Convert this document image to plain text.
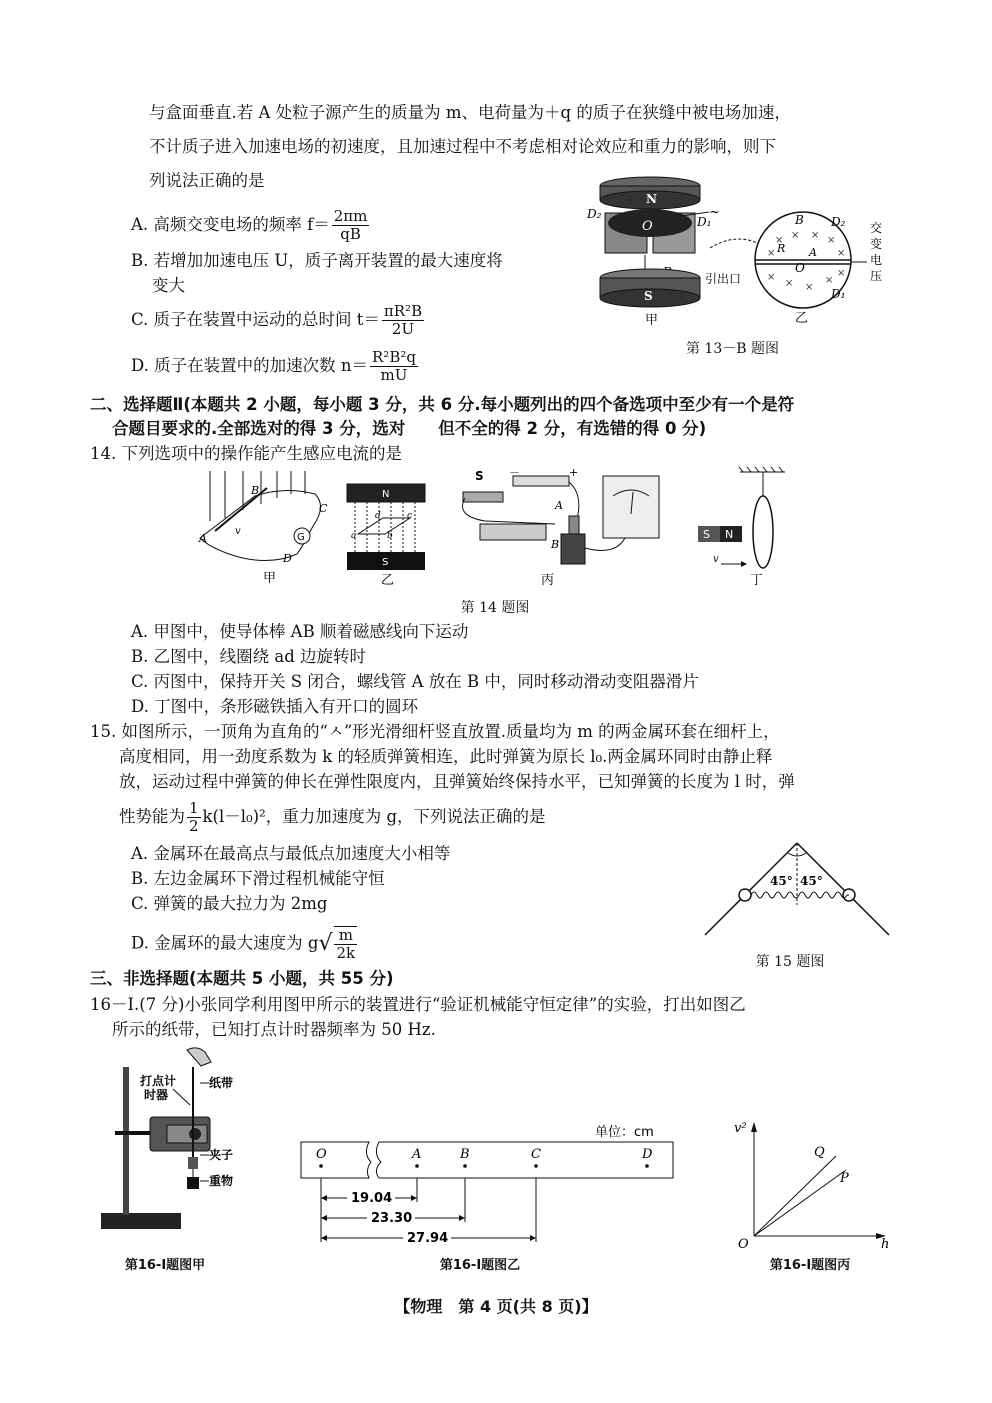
与盒面垂直.若 A 处粒子源产生的质量为 m、电荷量为＋q 的质子在狭缝中被电场加速，
不计质子进入加速电场的初速度，且加速过程中不考虑相对论效应和重力的影响，则下
列说法正确的是
A. 高频交变电场的频率 $f= \frac{2\pi m}{qB}$
B. 若增加加速电压 U，质子离开装置的最大速度将
变大
C. 质子在装置中运动的总时间 $t= \frac{\text{πR²B}}{2U}$
D. 质子在装置中的加速次数 $n= \frac{\text{R²B²q}}{mU}$
N
O
D₂
D₁
~
S
甲
× × × ×
×	×
×
× ×
×
×
B D₂
D₁
R A
O
引出口
乙
交
变
电
压
第 13－B 题图
二、选择题Ⅱ(本题共 2 小题，每小题 3 分，共 6 分.每小题列出的四个备选项中至少有一个是符
合题目要求的.全部选对的得 3 分，选对　　但不全的得 2 分，有选错的得 0 分)
14. 下列选项中的操作能产生感应电流的是
G
B
A
C
D
v
甲
N
d	c
a	b
S
乙
S －	+
A
B
丙
S N
v
丁
第 14 题图
A. 甲图中，使导体棒 AB 顺着磁感线向下运动
B. 乙图中，线圈绕 ad 边旋转时
C. 丙图中，保持开关 S 闭合，螺线管 A 放在 B 中，同时移动滑动变阻器滑片
D. 丁图中，条形磁铁插入有开口的圆环
15. 如图所示，一顶角为直角的“ㅅ”形光滑细杆竖直放置.质量均为 m 的两金属环套在细杆上，
高度相同，用一劲度系数为 k 的轻质弹簧相连，此时弹簧为原长 l₀.两金属环同时由静止释
放，运动过程中弹簧的伸长在弹性限度内，且弹簧始终保持水平，已知弹簧的长度为 l 时，弹
性势能为 $\frac{1}{2} k(l-l_0)^2$，重力加速度为 g，下列说法正确的是
A. 金属环在最高点与最低点加速度大小相等
B. 左边金属环下滑过程机械能守恒
C. 弹簧的最大拉力为 2mg
D. 金属环的最大速度为 $g√ \frac{m}{2k}$
45° 45°
第 15 题图
三、非选择题(本题共 5 小题，共 55 分)
16－Ⅰ.(7 分)小张同学利用图甲所示的装置进行“验证机械能守恒定律”的实验，打出如图乙
所示的纸带，已知打点计时器频率为 50 Hz.
打点计
时器
纸带
夹子
重物
第16-Ⅰ题图甲
单位：cm
O	A	B	C	D
19.04
23.30
27.94
第16-Ⅰ题图乙
v²
h
O
Q
P
第16-Ⅰ题图丙
【物理　第 4 页(共 8 页)】
